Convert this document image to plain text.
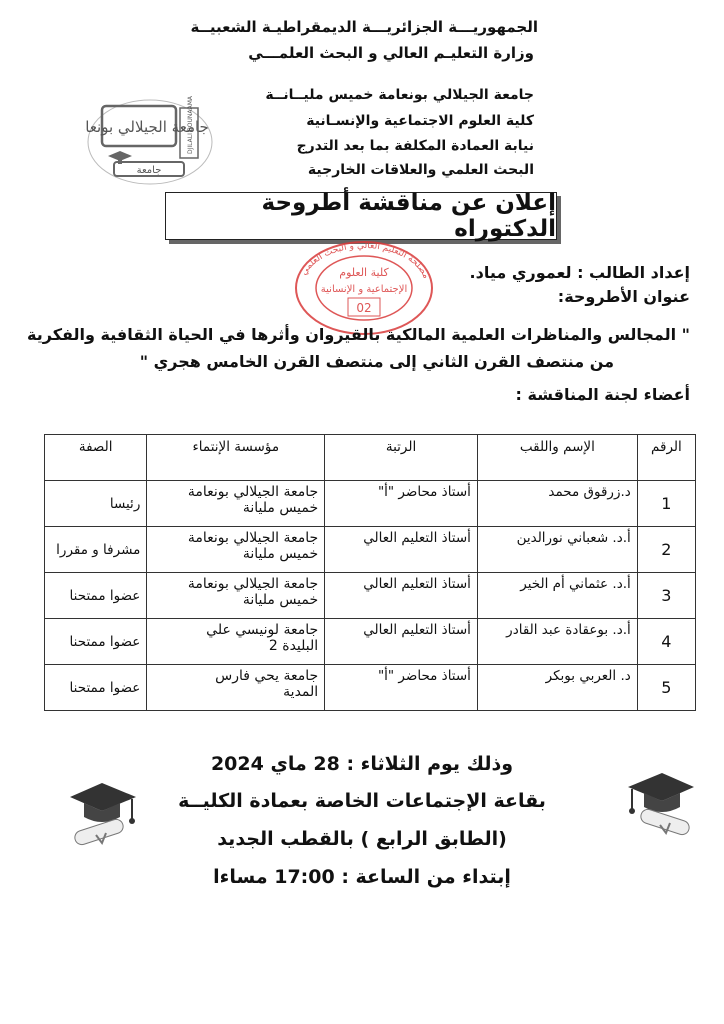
الجمهوريـــة الجزائريـــة الديمقراطيـة الشعبيــة
وزارة التعليـم العالي و البحث العلمـــي
جامعة الجيلالي بونعامة خميس مليــانــة
كلية العلوم الاجتماعية والإنسـانية
نيابة العمادة المكلفة بما بعد التدرج
البحث العلمي والعلاقات الخارجية
جامعة الجيلالي بونعا	DJILALI BOUNAAMA
جامعة
إعلان عن مناقشة أطروحة الدكتوراه
مصلحة التعليم العالي و البحث العلمي
كلية العلوم
الإجتماعية و الإنسانية
02
إعداد الطالب : لعموري مياد.
عنوان الأطروحة:
" المجالس والمناظرات العلمية المالكية بالقيروان وأثرها في الحياة الثقافية والفكرية
من منتصف القرن الثاني إلى منتصف القرن الخامس هجري "
أعضاء لجنة المناقشة :
الرقم	الإسم واللقب	الرتبة	مؤسسة الإنتماء	الصفة
1	د.زرقوق محمد	أستاذ محاضر "أ"	جامعة الجيلالي بونعامة
خميس مليانة	رئيسا
2	أ.د. شعباني نورالدين	أستاذ التعليم العالي	جامعة الجيلالي بونعامة
خميس مليانة	مشرفا و مقررا
3	أ.د. عثماني أم الخير	أستاذ التعليم العالي	جامعة الجيلالي بونعامة
خميس مليانة	عضوا ممتحنا
4	أ.د. بوعقادة عبد القادر	أستاذ التعليم العالي	جامعة لونيسي علي
البليدة 2	عضوا ممتحنا
5	د. العربي بوبكر	أستاذ محاضر "أ"	جامعة يحي فارس
المدية	عضوا ممتحنا
وذلك يوم الثلاثاء : 28 ماي 2024
بقاعة الإجتماعات الخاصة بعمادة الكليــة
(الطابق الرابع ) بالقطب الجديد
إبتداء من الساعة : 17:00 مساءا
